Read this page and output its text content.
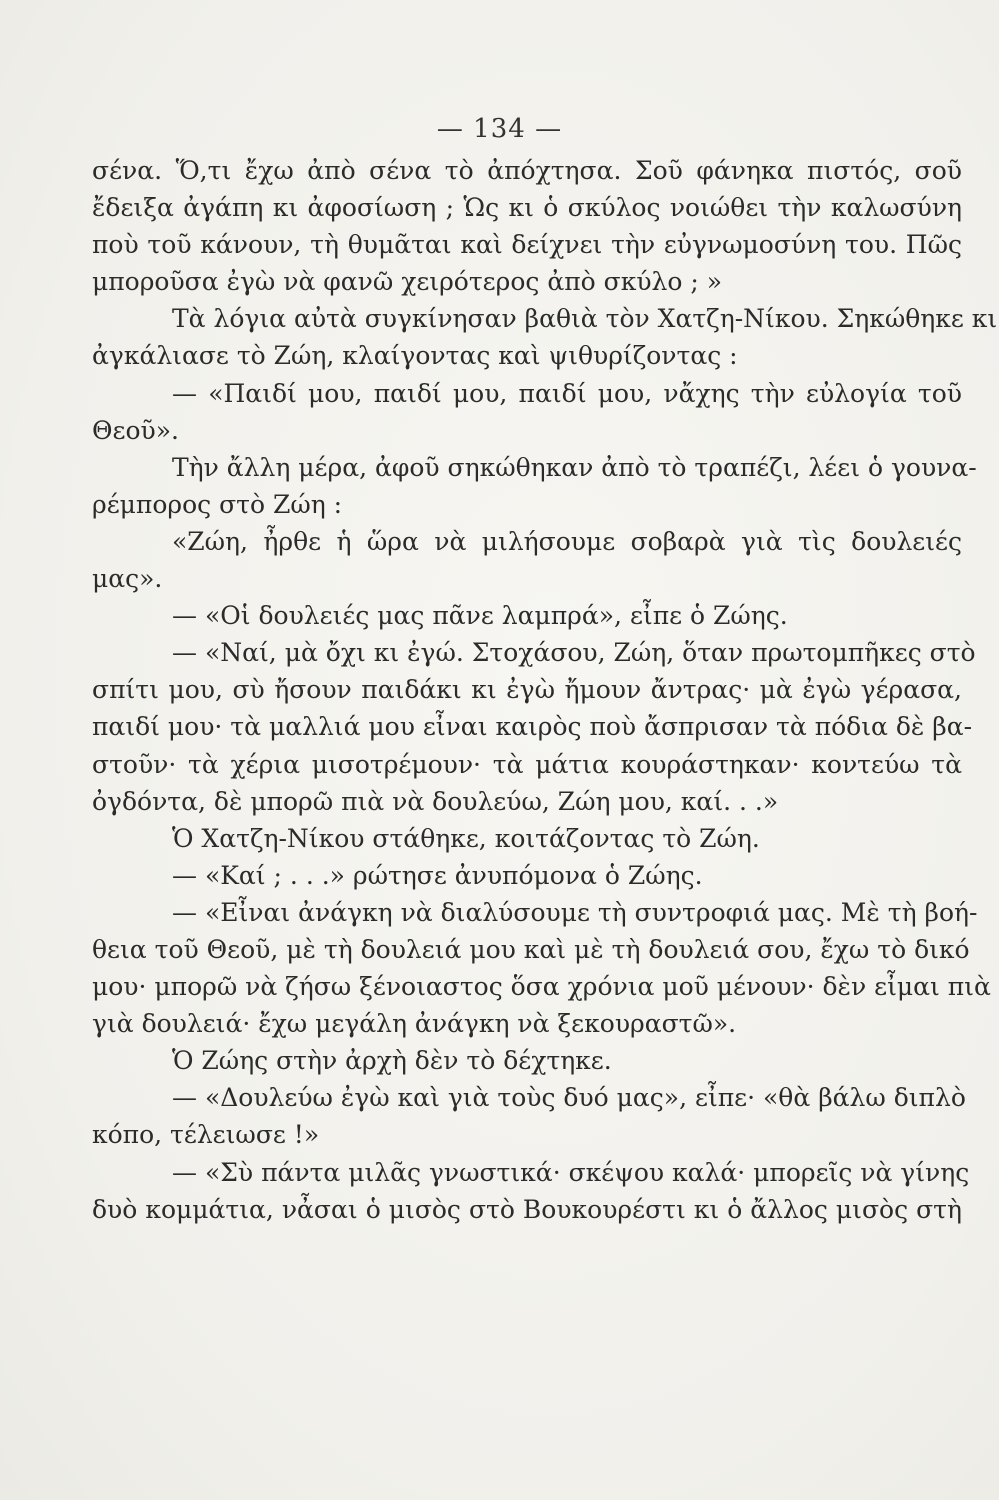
— 134 —
σένα. Ὅ,τι ἔχω ἀπὸ σένα τὸ ἀπόχτησα. Σοῦ φάνηκα πιστός, σοῦ
ἔδειξα ἀγάπη κι ἀφοσίωση ; Ὡς κι ὁ σκύλος νοιώθει τὴν καλωσύνη
ποὺ τοῦ κάνουν, τὴ θυμᾶται καὶ δείχνει τὴν εὐγνωμοσύνη του. Πῶς
μποροῦσα ἐγὼ νὰ φανῶ χειρότερος ἀπὸ σκύλο ; »
Τὰ λόγια αὐτὰ συγκίνησαν βαθιὰ τὸν Χατζη-Νίκου. Σηκώθηκε κι
ἀγκάλιασε τὸ Ζώη, κλαίγοντας καὶ ψιθυρίζοντας :
— «Παιδί μου, παιδί μου, παιδί μου, νἄχης τὴν εὐλογία τοῦ
Θεοῦ».
Τὴν ἄλλη μέρα, ἀφοῦ σηκώθηκαν ἀπὸ τὸ τραπέζι, λέει ὁ γουνα-
ρέμπορος στὸ Ζώη :
«Ζώη, ἦρθε ἡ ὥρα νὰ μιλήσουμε σοβαρὰ γιὰ τὶς δουλειές
μας».
— «Οἱ δουλειές μας πᾶνε λαμπρά», εἶπε ὁ Ζώης.
— «Ναί, μὰ ὄχι κι ἐγώ. Στοχάσου, Ζώη, ὅταν πρωτομπῆκες στὸ
σπίτι μου, σὺ ἤσουν παιδάκι κι ἐγὼ ἤμουν ἄντρας· μὰ ἐγὼ γέρασα,
παιδί μου· τὰ μαλλιά μου εἶναι καιρὸς ποὺ ἄσπρισαν τὰ πόδια δὲ βα-
στοῦν· τὰ χέρια μισοτρέμουν· τὰ μάτια κουράστηκαν· κοντεύω τὰ
ὀγδόντα, δὲ μπορῶ πιὰ νὰ δουλεύω, Ζώη μου, καί. . .»
Ὁ Χατζη-Νίκου στάθηκε, κοιτάζοντας τὸ Ζώη.
— «Καί ; . . .» ρώτησε ἀνυπόμονα ὁ Ζώης.
— «Εἶναι ἀνάγκη νὰ διαλύσουμε τὴ συντροφιά μας. Μὲ τὴ βοή-
θεια τοῦ Θεοῦ, μὲ τὴ δουλειά μου καὶ μὲ τὴ δουλειά σου, ἔχω τὸ δικό
μου· μπορῶ νὰ ζήσω ξένοιαστος ὅσα χρόνια μοῦ μένουν· δὲν εἶμαι πιὰ
γιὰ δουλειά· ἔχω μεγάλη ἀνάγκη νὰ ξεκουραστῶ».
Ὁ Ζώης στὴν ἀρχὴ δὲν τὸ δέχτηκε.
— «Δουλεύω ἐγὼ καὶ γιὰ τοὺς δυό μας», εἶπε· «θὰ βάλω διπλὸ
κόπο, τέλειωσε !»
— «Σὺ πάντα μιλᾶς γνωστικά· σκέψου καλά· μπορεῖς νὰ γίνης
δυὸ κομμάτια, νἆσαι ὁ μισὸς στὸ Βουκουρέστι κι ὁ ἄλλος μισὸς στὴ
